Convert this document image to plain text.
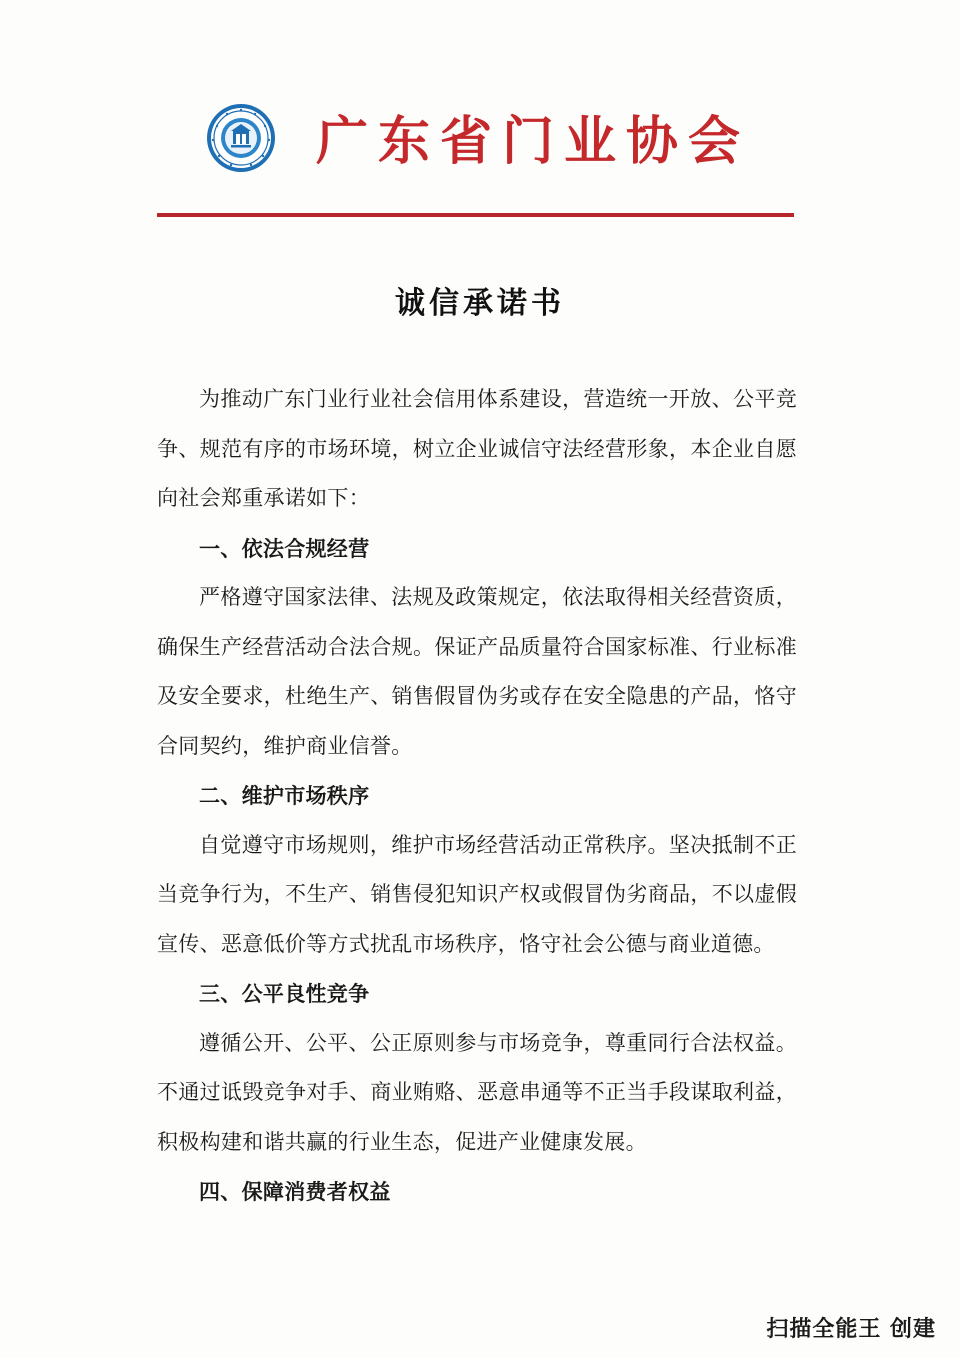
广东省门业协会
诚信承诺书

为推动广东门业行业社会信用体系建设，营造统一开放、公平竞争、规范有序的市场环境，树立企业诚信守法经营形象，本企业自愿向社会郑重承诺如下：

一、依法合规经营

严格遵守国家法律、法规及政策规定，依法取得相关经营资质，确保生产经营活动合法合规。保证产品质量符合国家标准、行业标准及安全要求，杜绝生产、销售假冒伪劣或存在安全隐患的产品，恪守合同契约，维护商业信誉。

二、维护市场秩序

自觉遵守市场规则，维护市场经营活动正常秩序。坚决抵制不正当竞争行为，不生产、销售侵犯知识产权或假冒伪劣商品，不以虚假宣传、恶意低价等方式扰乱市场秩序，恪守社会公德与商业道德。

三、公平良性竞争

遵循公开、公平、公正原则参与市场竞争，尊重同行合法权益。不通过诋毁竞争对手、商业贿赂、恶意串通等不正当手段谋取利益，积极构建和谐共赢的行业生态，促进产业健康发展。

四、保障消费者权益

扫描全能王 创建
